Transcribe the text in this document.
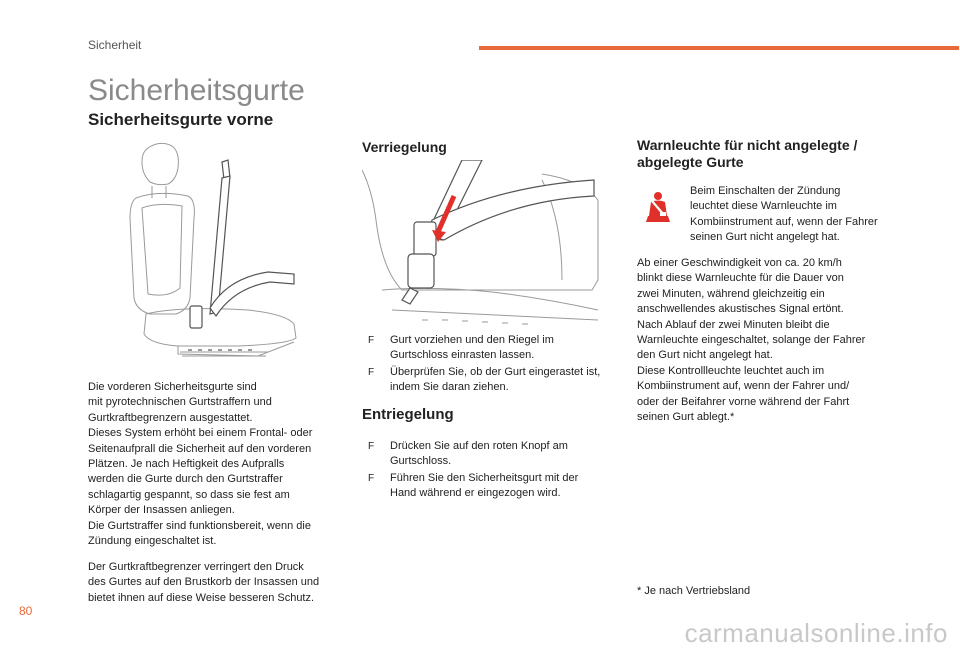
Sicherheit
Sicherheitsgurte
Sicherheitsgurte vorne

Die vorderen Sicherheitsgurte sind

mit pyrotechnischen Gurtstraffern und

Gurtkraftbegrenzern ausgestattet.

Dieses System erhöht bei einem Frontal- oder

Seitenaufprall die Sicherheit auf den vorderen

Plätzen. Je nach Heftigkeit des Aufpralls

werden die Gurte durch den Gurtstraffer

schlagartig gespannt, so dass sie fest am

Körper der Insassen anliegen.

Die Gurtstraffer sind funktionsbereit, wenn die

Zündung eingeschaltet ist.

Der Gurtkraftbegrenzer verringert den Druck

des Gurtes auf den Brustkorb der Insassen und

bietet ihnen auf diese Weise besseren Schutz.

Verriegelung
F Gurt vorziehen und den Riegel im
Gurtschloss einrasten lassen.
F Überprüfen Sie, ob der Gurt eingerastet ist,
indem Sie daran ziehen.
Entriegelung
F Drücken Sie auf den roten Knopf am
Gurtschloss.
F Führen Sie den Sicherheitsgurt mit der
Hand während er eingezogen wird.
Warnleuchte für nicht angelegte /
abgelegte Gurte

Beim Einschalten der Zündung

leuchtet diese Warnleuchte im

Kombiinstrument auf, wenn der Fahrer

seinen Gurt nicht angelegt hat.

Ab einer Geschwindigkeit von ca. 20 km/h

blinkt diese Warnleuchte für die Dauer von

zwei Minuten, während gleichzeitig ein

anschwellendes akustisches Signal ertönt.

Nach Ablauf der zwei Minuten bleibt die

Warnleuchte eingeschaltet, solange der Fahrer

den Gurt nicht angelegt hat.

Diese Kontrollleuchte leuchtet auch im

Kombiinstrument auf, wenn der Fahrer und/

oder der Beifahrer vorne während der Fahrt

seinen Gurt ablegt.*

* Je nach Vertriebsland
80
carmanualsonline.info
